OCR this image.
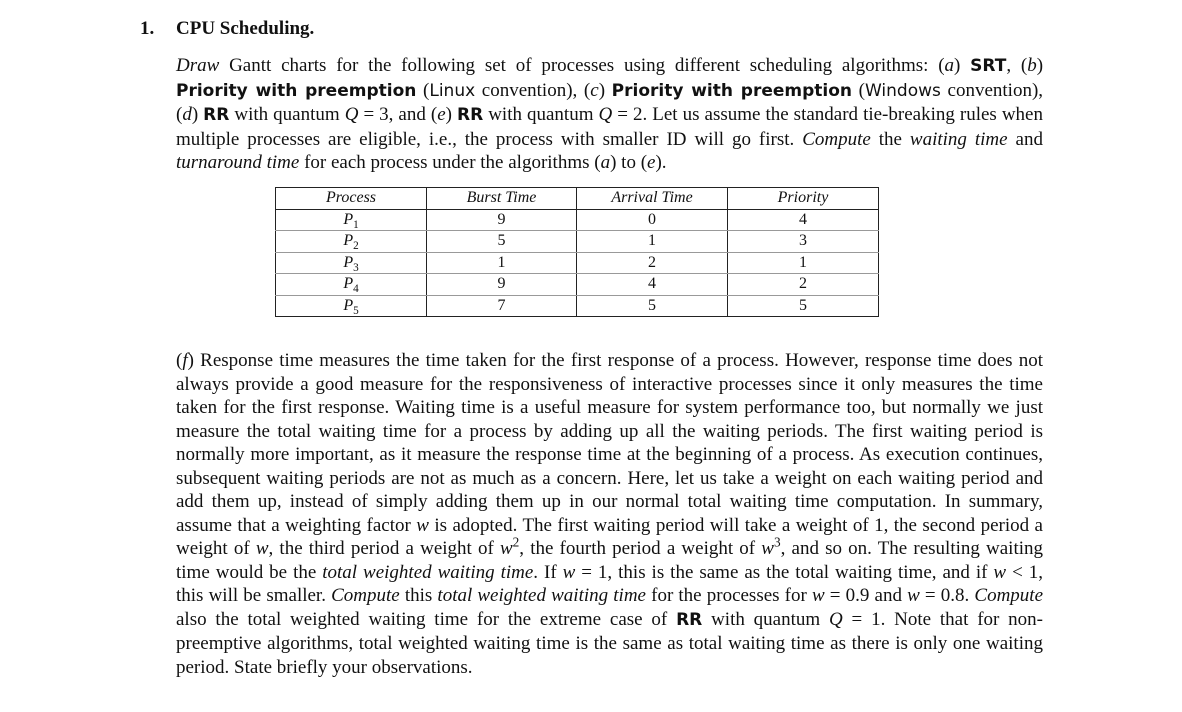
1. CPU Scheduling.
Draw Gantt charts for the following set of processes using different scheduling algorithms: (a) SRT, (b) Priority with preemption (Linux convention), (c) Priority with preemption (Windows convention), (d) RR with quantum Q = 3, and (e) RR with quantum Q = 2. Let us assume the standard tie-breaking rules when multiple processes are eligible, i.e., the process with smaller ID will go first. Compute the waiting time and turnaround time for each process under the algorithms (a) to (e).
Process	Burst Time	Arrival Time	Priority
$P_1$	9	0	4
$P_2$	5	1	3
$P_3$	1	2	1
$P_4$	9	4	2
$P_5$	7	5	5
(f) Response time measures the time taken for the first response of a process. However, response time does not always provide a good measure for the responsiveness of interactive processes since it only measures the time taken for the first response. Waiting time is a useful measure for system performance too, but normally we just measure the total waiting time for a process by adding up all the waiting periods. The first waiting period is normally more important, as it measure the response time at the beginning of a process. As execution continues, subsequent waiting periods are not as much as a concern. Here, let us take a weight on each waiting period and add them up, instead of simply adding them up in our normal total waiting time computation. In summary, assume that a weighting factor w is adopted. The first waiting period will take a weight of 1, the second period a weight of w, the third period a weight of $w^2$, the fourth period a weight of $w^3$, and so on. The resulting waiting time would be the total weighted waiting time. If w = 1, this is the same as the total waiting time, and if w < 1, this will be smaller. Compute this total weighted waiting time for the processes for w = 0.9 and w = 0.8. Compute also the total weighted waiting time for the extreme case of RR with quantum Q = 1. Note that for non-preemptive algorithms, total weighted waiting time is the same as total waiting time as there is only one waiting period. State briefly your observations.
